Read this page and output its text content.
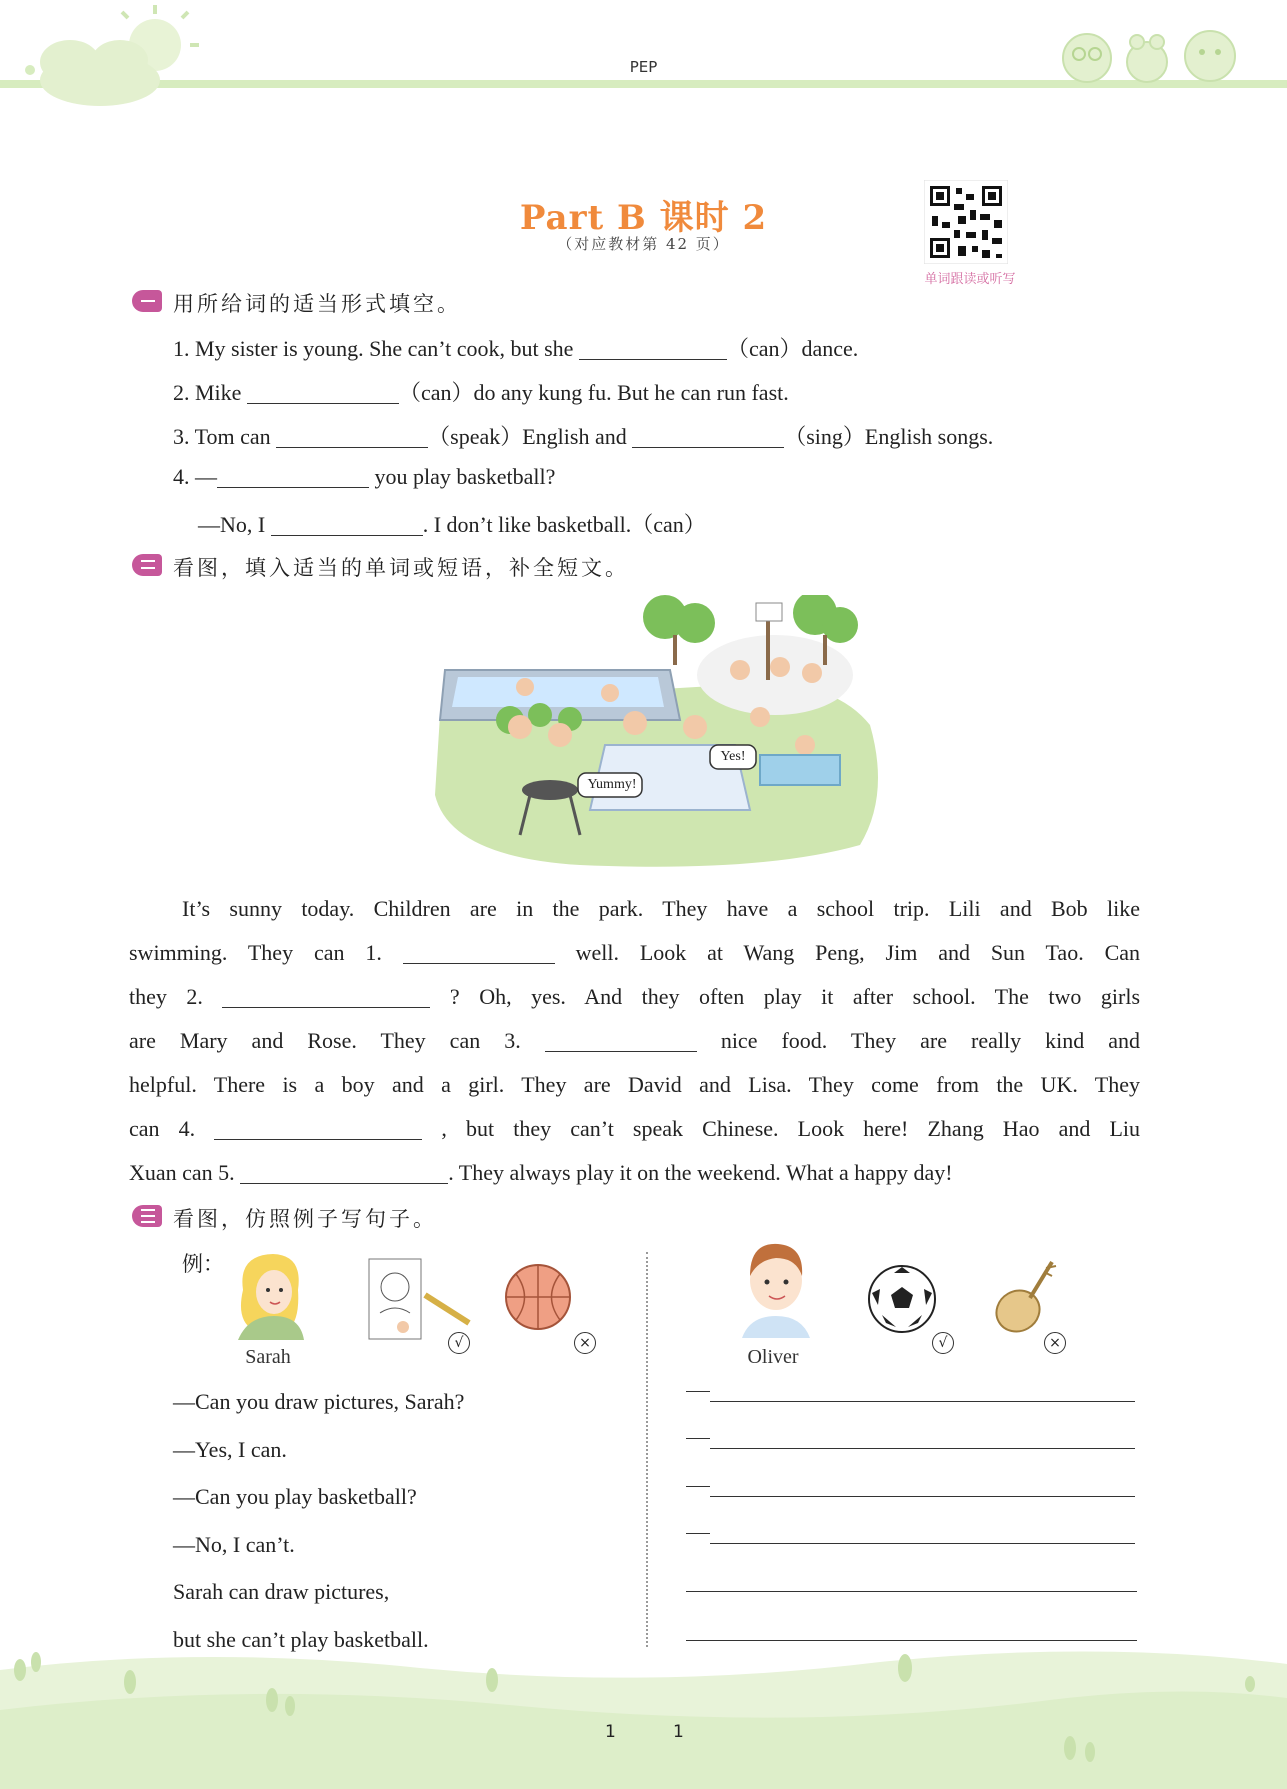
PEP
Part B 课时 2
（对应教材第 42 页）
单词跟读或听写
用所给词的适当形式填空。
1. My sister is young. She can’t cook, but she	（can）dance.
2. Mike	（can）do any kung fu. But he can run fast.
3. Tom can	（speak）English and	（sing）English songs.
4. —	you play basketball?
—No, I	. I don’t like basketball.（can）
看图，填入适当的单词或短语，补全短文。
Yummy!
Yes!

It’s sunny today. Children are in the park. They have a school trip. Lili and Bob like

swimming. They can 1.	well. Look at Wang Peng, Jim and Sun Tao. Can

they 2.	? Oh, yes. And they often play it after school. The two girls

are Mary and Rose. They can 3.	nice food. They are really kind and

helpful. There is a boy and a girl. They are David and Lisa. They come from the UK. They

can 4.	, but they can’t speak Chinese. Look here! Zhang Hao and Liu

Xuan can 5.	. They always play it on the weekend. What a happy day!

看图，仿照例子写句子。
例：
Sarah
√	×
—Can you draw pictures, Sarah?
—Yes, I can.
—Can you play basketball?
—No, I can’t.
Sarah can draw pictures,
but she can’t play basketball.
Oliver
√	×
1	1
